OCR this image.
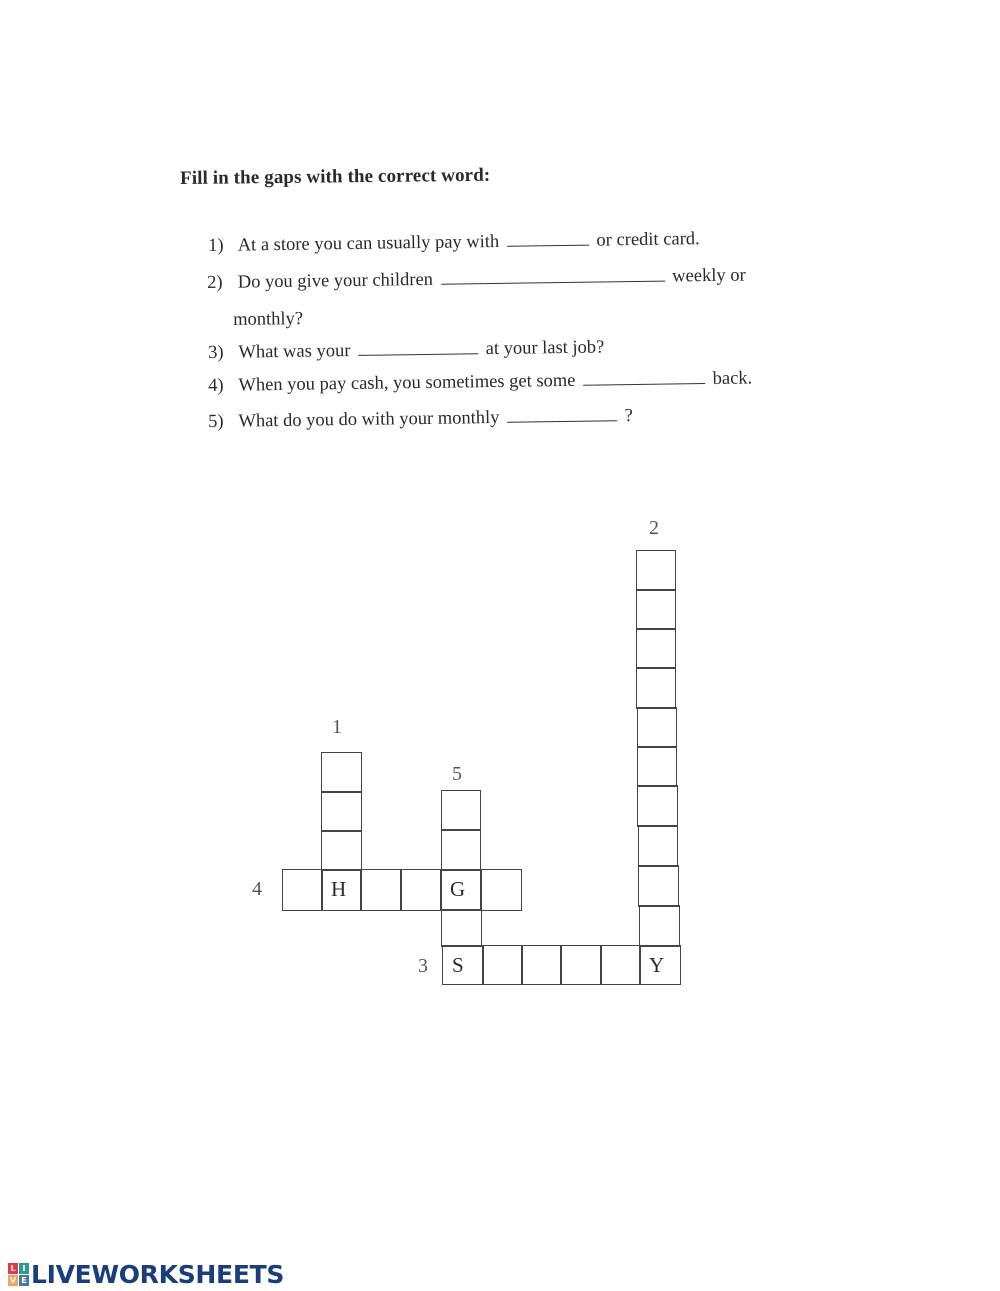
Fill in the gaps with the correct word:
1) At a store you can usually pay with	or credit card.
2) Do you give your children	weekly or
monthly?
3) What was your	at your last job?
4) When you pay cash, you sometimes get some	back.
5) What do you do with your monthly	?
1
2
3
4
5
H	G
S	Y
L I
V E LIVEWORKSHEETS
